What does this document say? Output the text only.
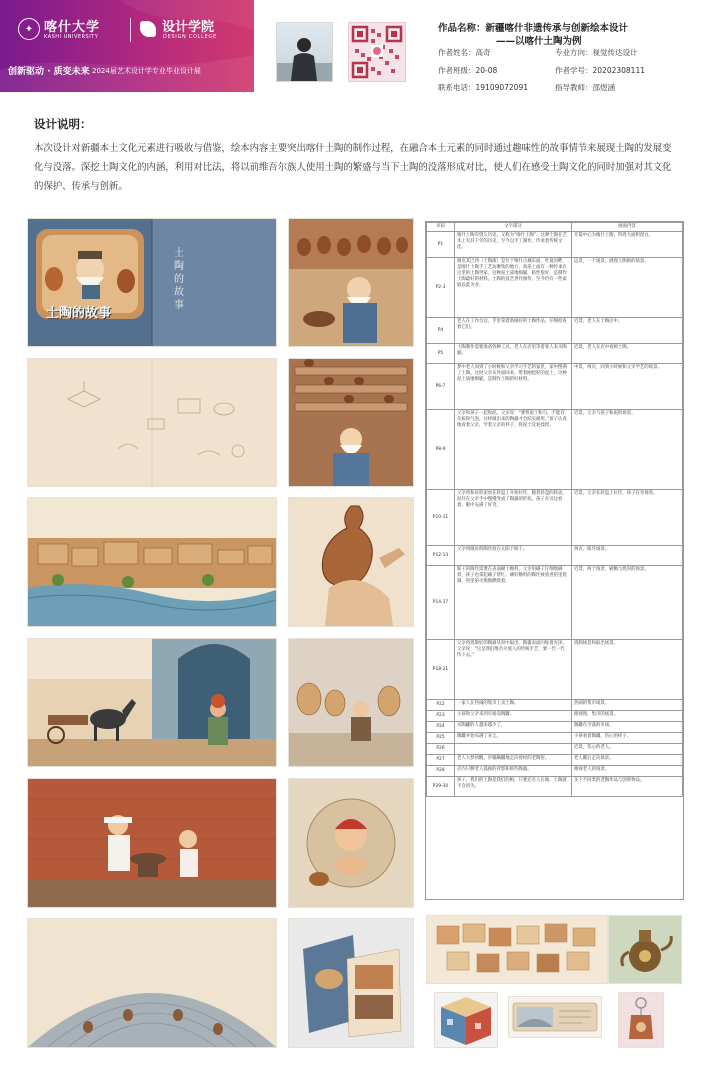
✦ 喀什大学
KASHI UNIVERSITY
设计学院
DESIGN COLLEGE
创新驱动 · 质变未来 2024届艺术设计学专业毕业设计展
作品名称：新疆喀什非遗传承与创新绘本设计
——以喀什土陶为例
作者姓名：高奇	专业方向：视觉传达设计
作者班级：20-08	作者学号：20202308111
联系电话：19109072091	指导教师：邵煜涵
设计说明：
本次设计对新疆本土文化元素进行吸收与借鉴，绘本内容主要突出喀什土陶的制作过程，在融合本土元素的同时通过趣味性的故事情节来展现土陶的发展变化与没落。深挖土陶文化的内涵，利用对比法，将以前维吾尔族人使用土陶的繁盛与当下土陶的没落形成对比，使人们在感受土陶文化的同时加强对其文化的保护、传承与创新。
土陶的故事
土陶的故事
页码	文字部分	画面内容
P1	喀什土陶有悠久历史。又称为“喀什土陶”，这种土陶在艺术上有其千年的历史，至今以手工制作，传承着传统文化。	开篇中心为喀什土陶，四周大面积留白。
P2-3	阔克其巴西（土陶街）是位于喀什古城东面、吐曼河畔，是喀什土陶手工艺坊聚集的地方，高崖上面有一种传承在这里的土陶世家。这种泥土质地细腻，粘性很好，是制作土陶最好的材料。土陶的技艺世代相传，至今仍有一些家庭以此为业。	远景，一个场景，展现土陶街的场景。
P4	老人在工作台边，手里拿着新做好的土陶作品，仔细检查着它们。	近景，老人在土陶店中。
P5	土陶制作需要准备各种工具，老人在店里等着客人来买陶器。	近景，老人在店中看顾土陶。
P6-7	梦中老人回到了小时候和父亲学习手艺的家里，家中摆满了土陶。这时父亲从外面回来，带着刚挖好的泥土，这种泥土质地细腻，是制作土陶的好材料。	中景，两页，回到小时候和父亲学艺的场景。
P8-9	父亲和孩子一起和泥。父亲说：“要将泥土和匀，不能有杂质和气泡，这样做出来的陶器才会结实耐用。”孩子认真地看着父亲，学着父亲的样子，将泥土反复揉捏。	近景，父亲与孩子和泥的场景。
P10-11	父亲将和好的泥放在转盘上开始拉坯，随着转盘的转动，泥坯在父亲手中慢慢变成了陶器的形状。孩子在旁边看着，眼中充满了好奇。	近景，父亲在转盘上拉坯，孩子在旁观看。
P12-13	父亲将做好的陶坯放在太阳下晾干。	两页，晾坯场景。
P14-17	晾干的陶坯需要在表面刷上釉料，父亲用刷子仔细地刷着，孩子也拿起刷子帮忙。刷好釉料的陶坯被放进窑里烧制，窑里的火熊熊燃烧着。	近景，两个场景，刷釉与烧窑的场景。
P18-21	父亲将烧制好的陶器从窑中取出，陶器表面闪烁着光泽。父亲说：“这是我们维吾尔族人的传统手艺，要一代一代传下去。”	烧制场景和取出场景。
P22	一家人在热闹的集市上卖土陶。	热闹的集市场景。
P23	小孩和父亲来到市场卖陶罐。	俯视图，集市的场景。
P24	买陶罐的人越来越少了。	陶罐在空荡的市场。
P25	陶罐开始布满了灰尘。	小孩看着陶罐，伤心的样子。
P26		近景，伤心的老人。
P27	老人大梦初醒，步履蹒跚地走向曾经的老陶窑。	老人醒后走向场景。
P28	店内只剩老人孤独的背影和那些陶器。	俯视老人的场景。
P29-30	孩子，我们的土陶是我们的根，只要还有人在做，土陶就不会消失。	多个不同类的老陶作品与创新物品。
